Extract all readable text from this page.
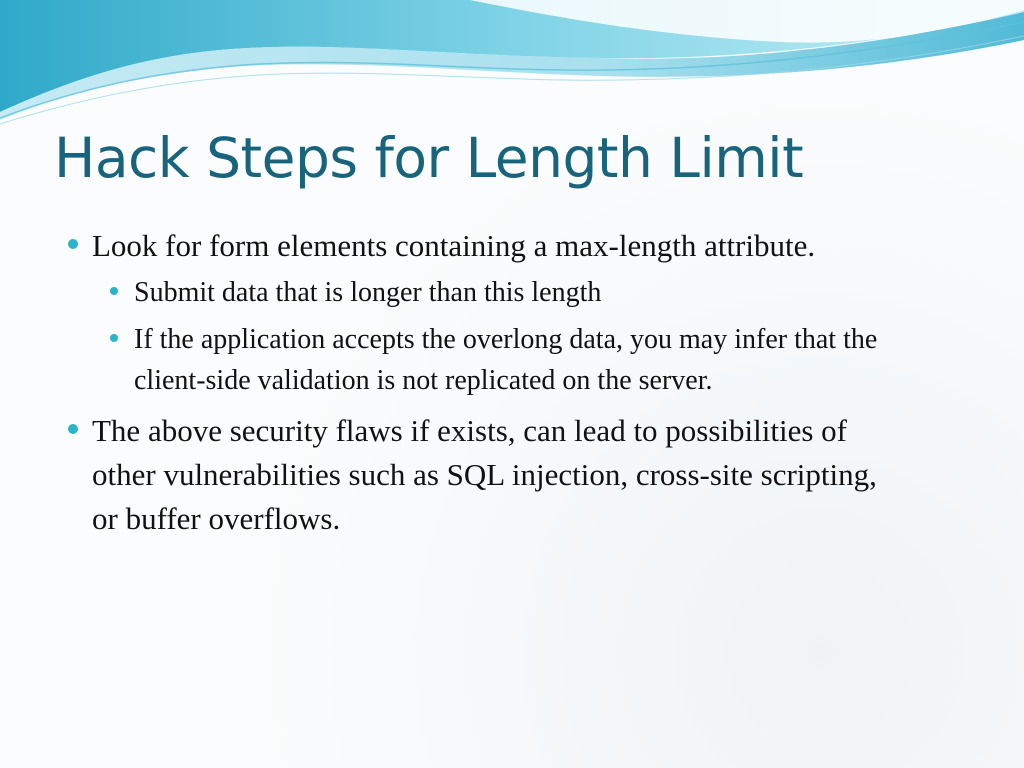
Hack Steps for Length Limit
Look for form elements containing a max-length attribute.
Submit data that is longer than this length
If the application accepts the overlong data, you may infer that the client-side validation is not replicated on the server.
The above security flaws if exists, can lead to possibilities of other vulnerabilities such as SQL injection, cross-site scripting, or buffer overflows.
